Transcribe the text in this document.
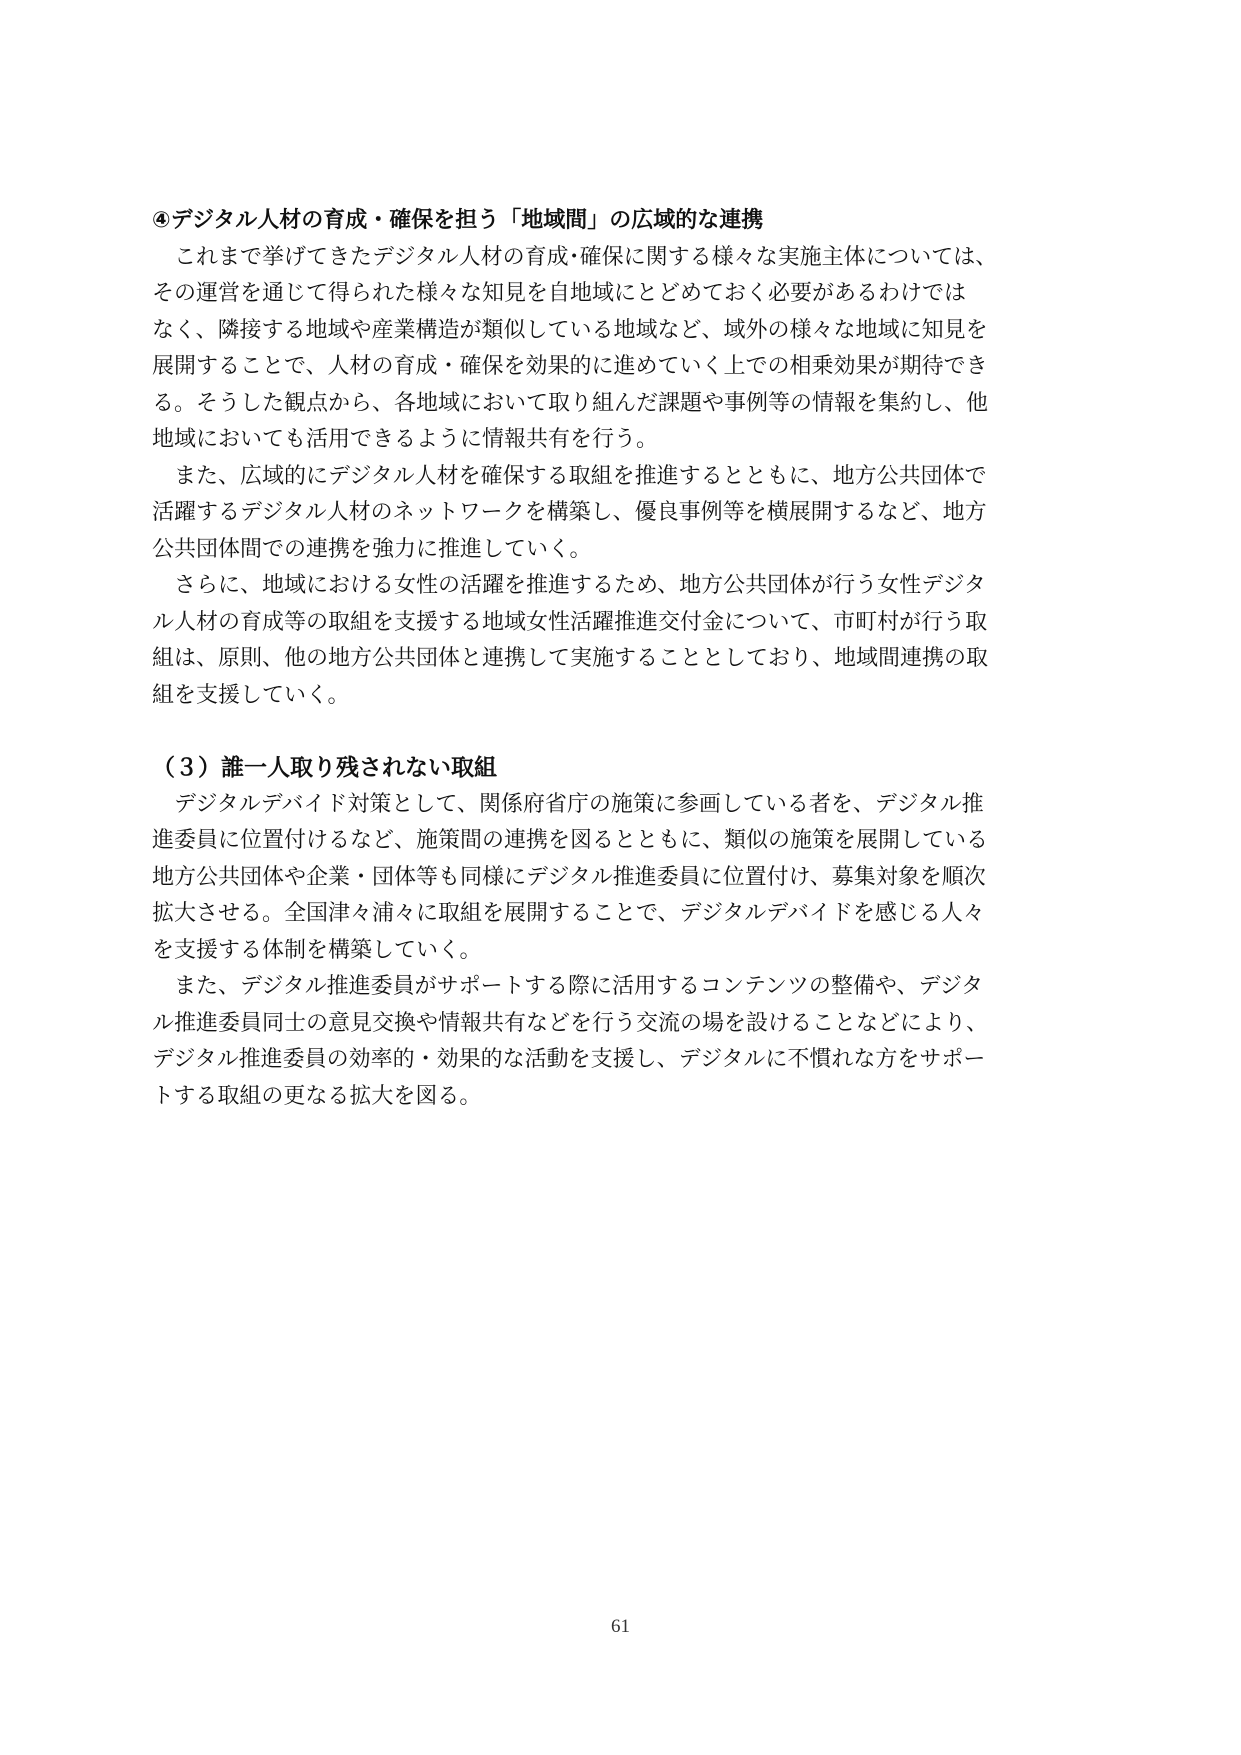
④デジタル人材の育成・確保を担う「地域間」の広域的な連携

これまで挙げてきたデジタル人材の育成･確保に関する様々な実施主体については、
その運営を通じて得られた様々な知見を自地域にとどめておく必要があるわけでは
なく、隣接する地域や産業構造が類似している地域など、域外の様々な地域に知見を
展開することで、人材の育成・確保を効果的に進めていく上での相乗効果が期待でき
る。そうした観点から、各地域において取り組んだ課題や事例等の情報を集約し、他
地域においても活用できるように情報共有を行う。

また、広域的にデジタル人材を確保する取組を推進するとともに、地方公共団体で
活躍するデジタル人材のネットワークを構築し、優良事例等を横展開するなど、地方
公共団体間での連携を強力に推進していく。

さらに、地域における女性の活躍を推進するため、地方公共団体が行う女性デジタ
ル人材の育成等の取組を支援する地域女性活躍推進交付金について、市町村が行う取
組は、原則、他の地方公共団体と連携して実施することとしており、地域間連携の取
組を支援していく。

（３）誰一人取り残されない取組

デジタルデバイド対策として、関係府省庁の施策に参画している者を、デジタル推
進委員に位置付けるなど、施策間の連携を図るとともに、類似の施策を展開している
地方公共団体や企業・団体等も同様にデジタル推進委員に位置付け、募集対象を順次
拡大させる。全国津々浦々に取組を展開することで、デジタルデバイドを感じる人々
を支援する体制を構築していく。

また、デジタル推進委員がサポートする際に活用するコンテンツの整備や、デジタ
ル推進委員同士の意見交換や情報共有などを行う交流の場を設けることなどにより、
デジタル推進委員の効率的・効果的な活動を支援し、デジタルに不慣れな方をサポー
トする取組の更なる拡大を図る。

61
